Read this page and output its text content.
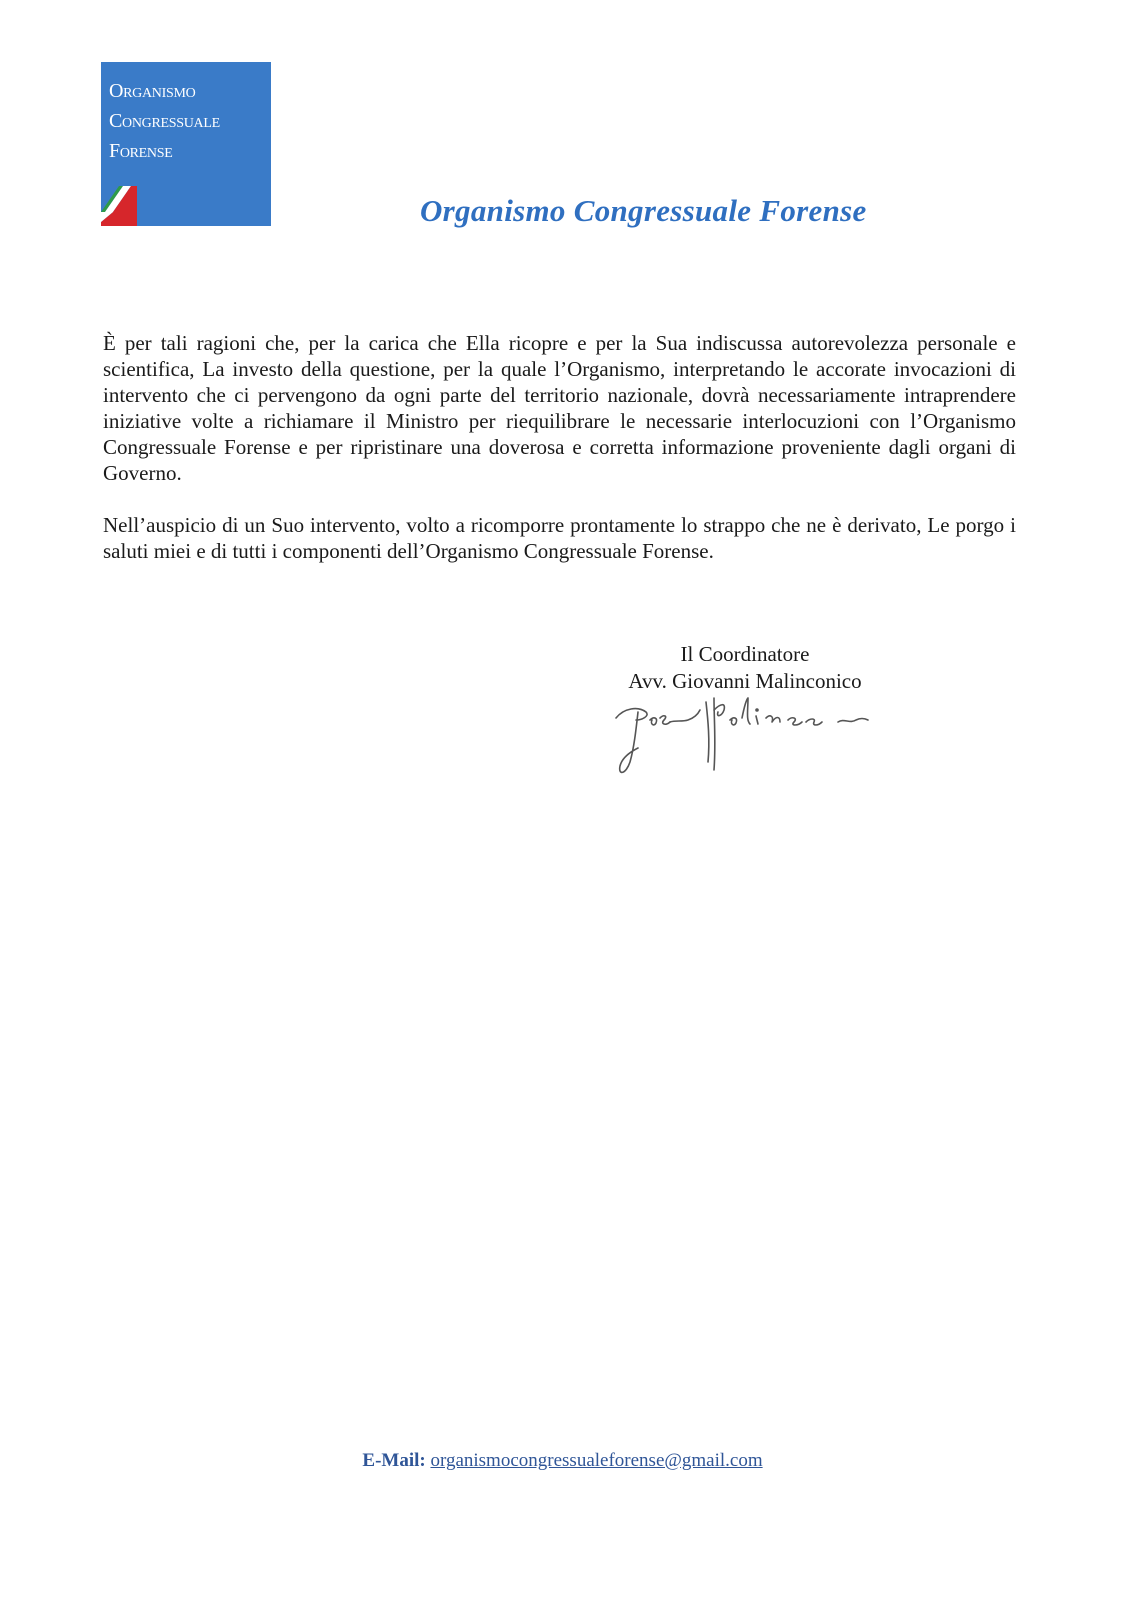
Organismo
Congressuale
Forense
Organismo Congressuale Forense

È per tali ragioni che, per la carica che Ella ricopre e per la Sua indiscussa autorevolezza personale e scientifica, La investo della questione, per la quale l’Organismo, interpretando le accorate invocazioni di intervento che ci pervengono da ogni parte del territorio nazionale, dovrà necessariamente intraprendere iniziative volte a richiamare il Ministro per riequilibrare le necessarie interlocuzioni con l’Organismo Congressuale Forense e per ripristinare una doverosa e corretta informazione proveniente dagli organi di Governo.

Nell’auspicio di un Suo intervento, volto a ricomporre prontamente lo strappo che ne è derivato, Le porgo i saluti miei e di tutti i componenti dell’Organismo Congressuale Forense.

Il Coordinatore
Avv. Giovanni Malinconico
E-Mail: organismocongressualeforense@gmail.com
